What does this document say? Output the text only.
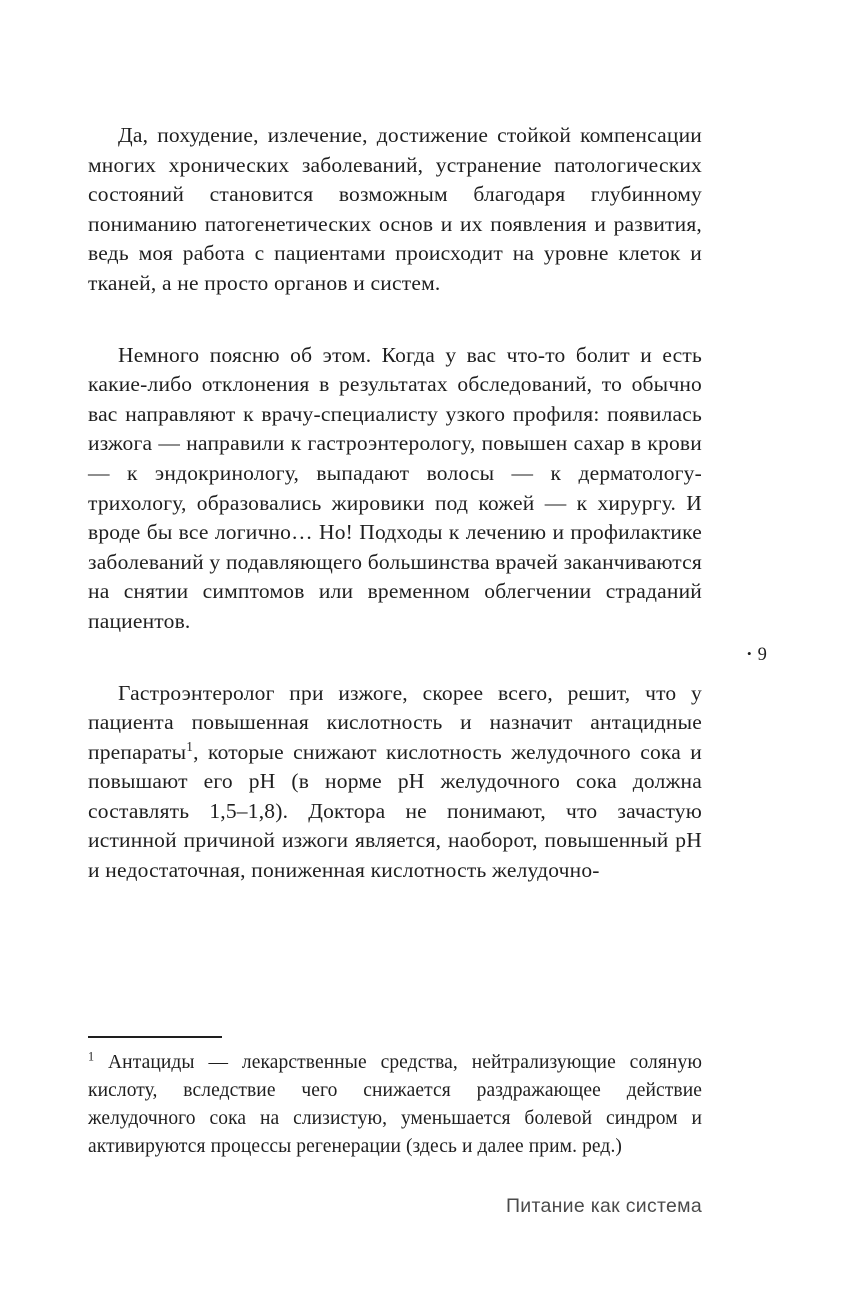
Да, похудение, излечение, достижение стойкой компенсации многих хронических заболеваний, устранение патологических состояний становится возможным благодаря глубинному пониманию патогенетических основ и их появления и развития, ведь моя работа с пациентами происходит на уровне клеток и тканей, а не просто органов и систем.

Немного поясню об этом. Когда у вас что-то болит и есть какие-либо отклонения в результатах обследований, то обычно вас направляют к врачу-специалисту узкого профиля: появилась изжога — направили к гастроэнтерологу, повышен сахар в крови — к эндокринологу, выпадают волосы — к дерматологу-трихологу, образовались жировики под кожей — к хирургу. И вроде бы все логично… Но! Подходы к лечению и профилактике заболеваний у подавляющего большинства врачей заканчиваются на снятии симптомов или временном облегчении страданий пациентов.

Гастроэнтеролог при изжоге, скорее всего, решит, что у пациента повышенная кислотность и назначит антацидные препараты$^1$, которые снижают кислотность желудочного сока и повышают его pH (в норме pH желудочного сока должна составлять 1,5–1,8). Доктора не понимают, что зачастую истинной причиной изжоги является, наоборот, повышенный pH и недостаточная, пониженная кислотность желудочно-

• 9

$^1$ Антациды — лекарственные средства, нейтрализующие соляную кислоту, вследствие чего снижается раздражающее действие желудочного сока на слизистую, уменьшается болевой синдром и активируются процессы регенерации (здесь и далее прим. ред.)

Питание как система
